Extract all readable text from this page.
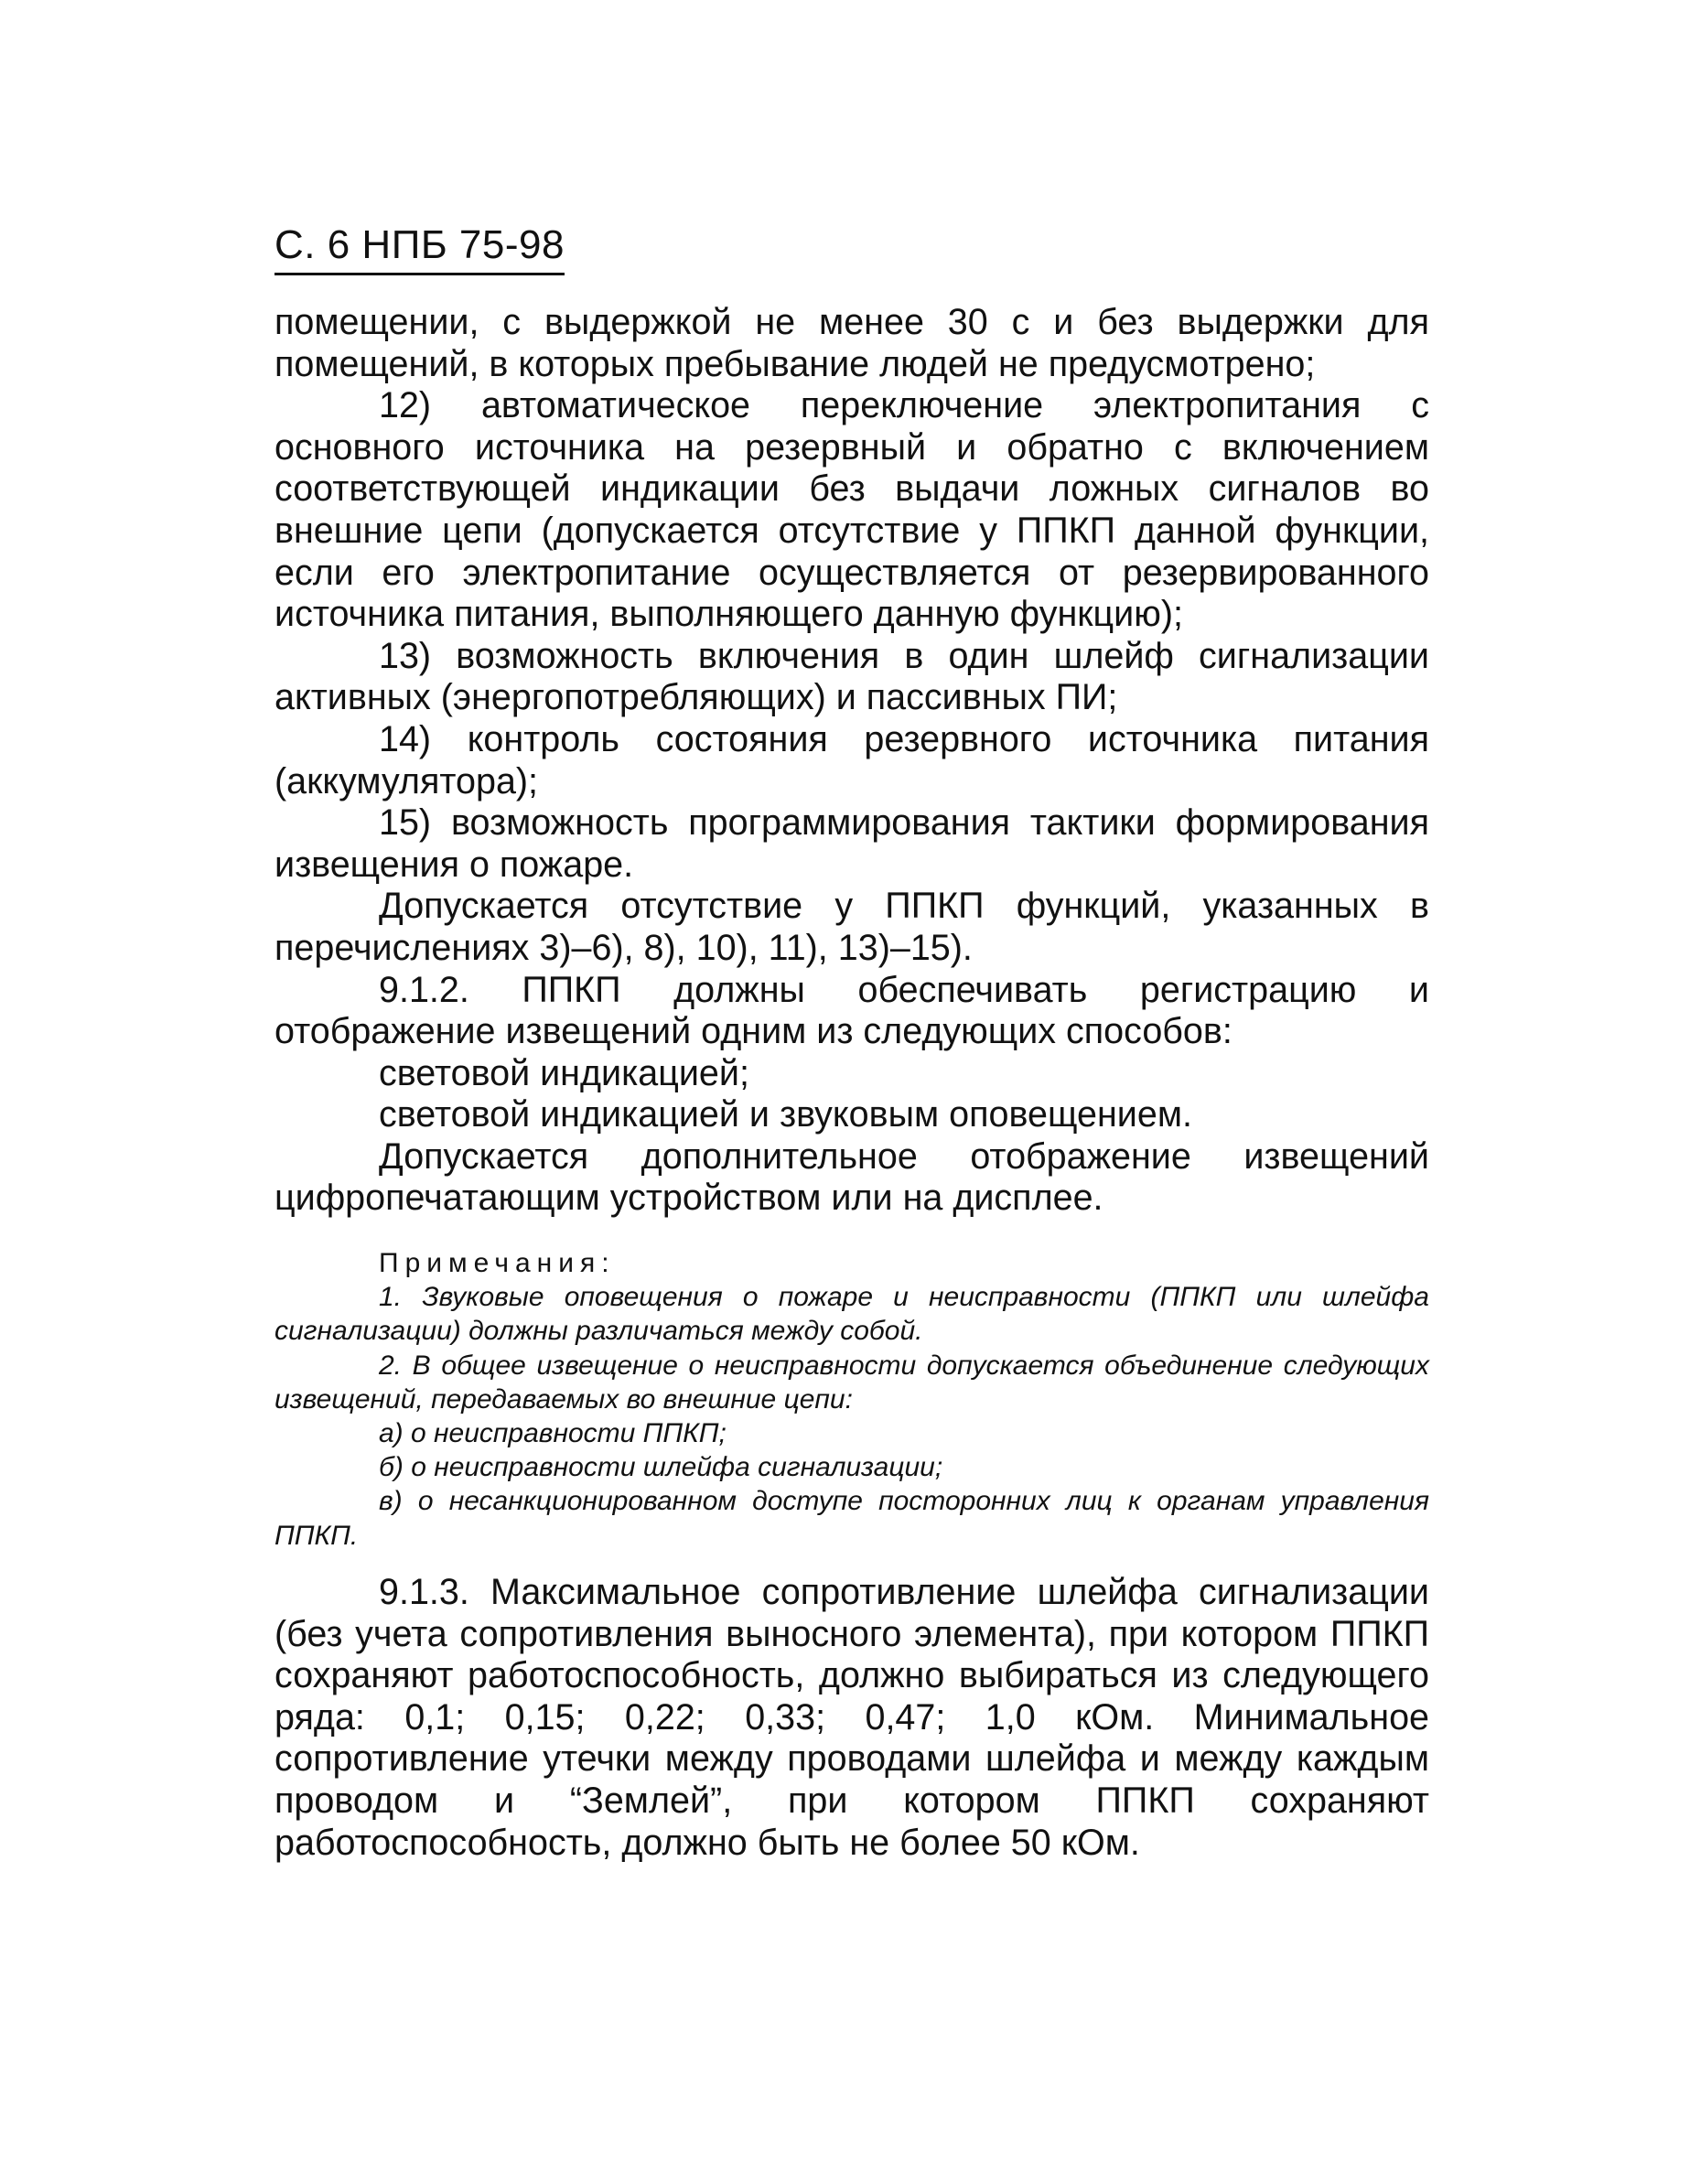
С. 6 НПБ 75-98

помещении, с выдержкой не менее 30 с и без выдержки для помещений, в которых пребывание людей не предусмотрено;

12) автоматическое переключение электропитания с основного источника на резервный и обратно с включением соответствующей индикации без выдачи ложных сигналов во внешние цепи (допускается отсутствие у ППКП данной функции, если его электропитание осуществляется от резервированного источника питания, выполняющего данную функцию);

13) возможность включения в один шлейф сигнализации активных (энергопотребляющих) и пассивных ПИ;

14) контроль состояния резервного источника питания (аккумулятора);

15) возможность программирования тактики формирования извещения о пожаре.

Допускается отсутствие у ППКП функций, указанных в перечислениях 3)–6), 8), 10), 11), 13)–15).

9.1.2. ППКП должны обеспечивать регистрацию и отображение извещений одним из следующих способов:

световой индикацией;

световой индикацией и звуковым оповещением.

Допускается дополнительное отображение извещений цифропечатающим устройством или на дисплее.

Примечания:

1. Звуковые оповещения о пожаре и неисправности (ППКП или шлейфа сигнализации) должны различаться между собой.

2. В общее извещение о неисправности допускается объединение следующих извещений, передаваемых во внешние цепи:

а) о неисправности ППКП;

б) о неисправности шлейфа сигнализации;

в) о несанкционированном доступе посторонних лиц к органам управления ППКП.

9.1.3. Максимальное сопротивление шлейфа сигнализации (без учета сопротивления выносного элемента), при котором ППКП сохраняют работоспособность, должно выбираться из следующего ряда: 0,1; 0,15; 0,22; 0,33; 0,47; 1,0 кОм. Минимальное сопротивление утечки между проводами шлейфа и между каждым проводом и “Землей”, при котором ППКП сохраняют работоспособность, должно быть не более 50 кОм.
